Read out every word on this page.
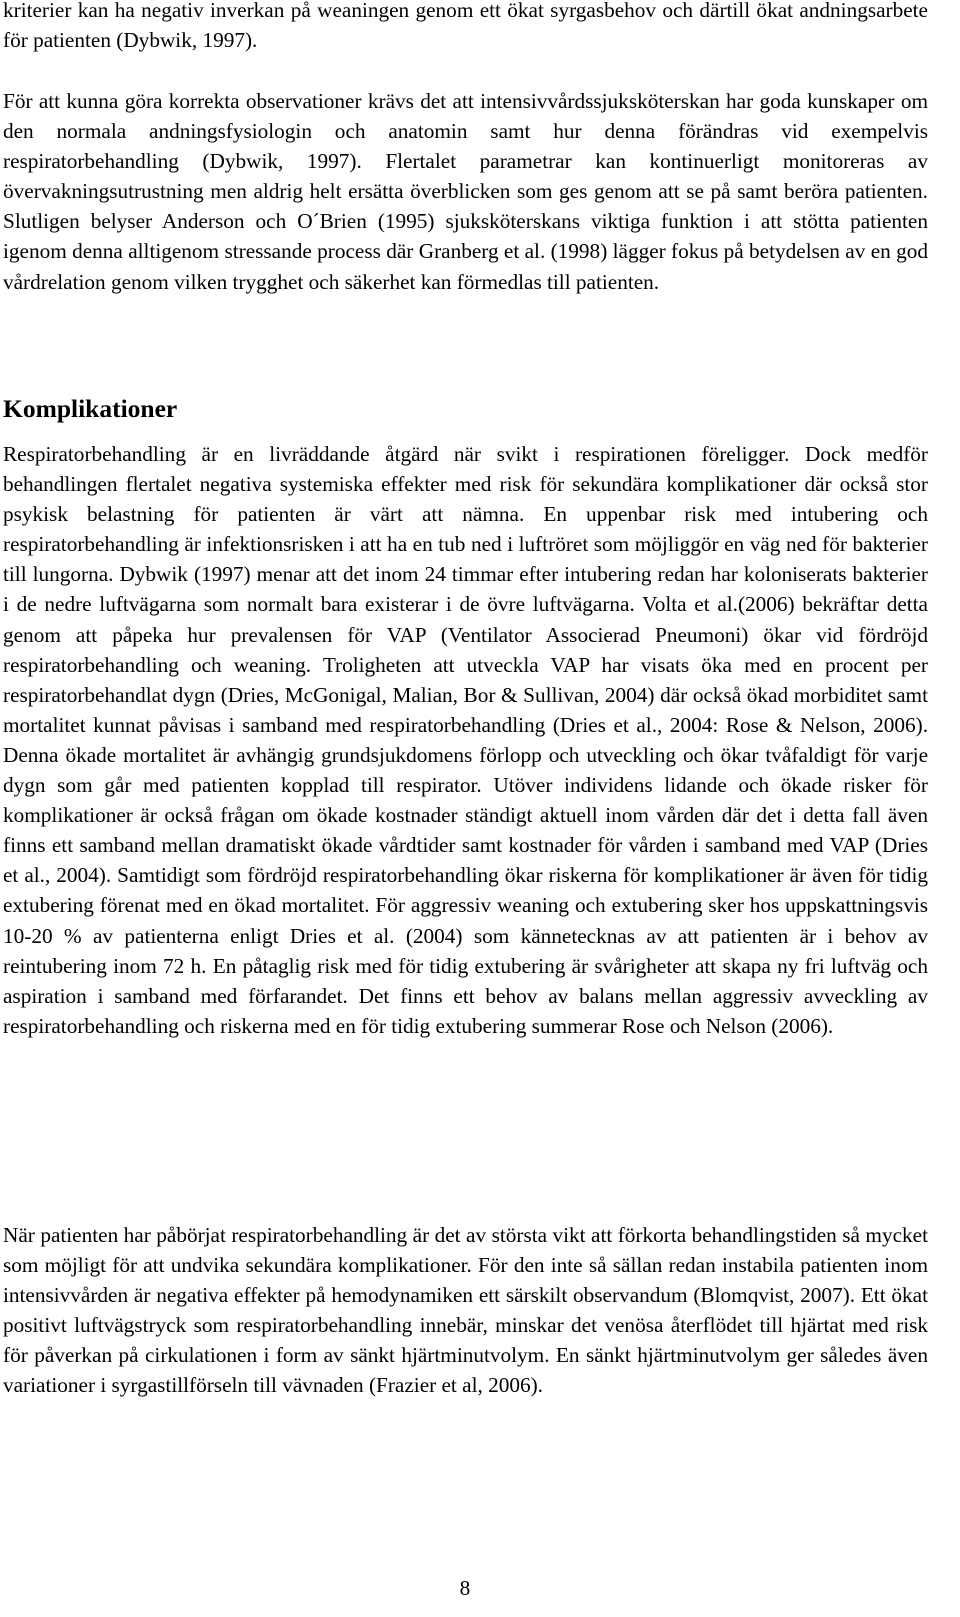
kriterier kan ha negativ inverkan på weaningen genom ett ökat syrgasbehov och därtill ökat andningsarbete för patienten (Dybwik, 1997).

För att kunna göra korrekta observationer krävs det att intensivvårdssjuksköterskan har goda kunskaper om den normala andningsfysiologin och anatomin samt hur denna förändras vid exempelvis respiratorbehandling (Dybwik, 1997). Flertalet parametrar kan kontinuerligt monitoreras av övervakningsutrustning men aldrig helt ersätta överblicken som ges genom att se på samt beröra patienten. Slutligen belyser Anderson och O´Brien (1995) sjuksköterskans viktiga funktion i att stötta patienten igenom denna alltigenom stressande process där Granberg et al. (1998) lägger fokus på betydelsen av en god vårdrelation genom vilken trygghet och säkerhet kan förmedlas till patienten.

Komplikationer

Respiratorbehandling är en livräddande åtgärd när svikt i respirationen föreligger. Dock medför behandlingen flertalet negativa systemiska effekter med risk för sekundära komplikationer där också stor psykisk belastning för patienten är värt att nämna. En uppenbar risk med intubering och respiratorbehandling är infektionsrisken i att ha en tub ned i luftröret som möjliggör en väg ned för bakterier till lungorna. Dybwik (1997) menar att det inom 24 timmar efter intubering redan har koloniserats bakterier i de nedre luftvägarna som normalt bara existerar i de övre luftvägarna. Volta et al.(2006) bekräftar detta genom att påpeka hur prevalensen för VAP (Ventilator Associerad Pneumoni) ökar vid fördröjd respiratorbehandling och weaning. Troligheten att utveckla VAP har visats öka med en procent per respiratorbehandlat dygn (Dries, McGonigal, Malian, Bor & Sullivan, 2004) där också ökad morbiditet samt mortalitet kunnat påvisas i samband med respiratorbehandling (Dries et al., 2004: Rose & Nelson, 2006). Denna ökade mortalitet är avhängig grundsjukdomens förlopp och utveckling och ökar tvåfaldigt för varje dygn som går med patienten kopplad till respirator. Utöver individens lidande och ökade risker för komplikationer är också frågan om ökade kostnader ständigt aktuell inom vården där det i detta fall även finns ett samband mellan dramatiskt ökade vårdtider samt kostnader för vården i samband med VAP (Dries et al., 2004). Samtidigt som fördröjd respiratorbehandling ökar riskerna för komplikationer är även för tidig extubering förenat med en ökad mortalitet. För aggressiv weaning och extubering sker hos uppskattningsvis 10-20 % av patienterna enligt Dries et al. (2004) som kännetecknas av att patienten är i behov av reintubering inom 72 h. En påtaglig risk med för tidig extubering är svårigheter att skapa ny fri luftväg och aspiration i samband med förfarandet. Det finns ett behov av balans mellan aggressiv avveckling av respiratorbehandling och riskerna med en för tidig extubering summerar Rose och Nelson (2006).

När patienten har påbörjat respiratorbehandling är det av största vikt att förkorta behandlingstiden så mycket som möjligt för att undvika sekundära komplikationer. För den inte så sällan redan instabila patienten inom intensivvården är negativa effekter på hemodynamiken ett särskilt observandum (Blomqvist, 2007). Ett ökat positivt luftvägstryck som respiratorbehandling innebär, minskar det venösa återflödet till hjärtat med risk för påverkan på cirkulationen i form av sänkt hjärtminutvolym. En sänkt hjärtminutvolym ger således även variationer i syrgastillförseln till vävnaden (Frazier et al, 2006).

8
